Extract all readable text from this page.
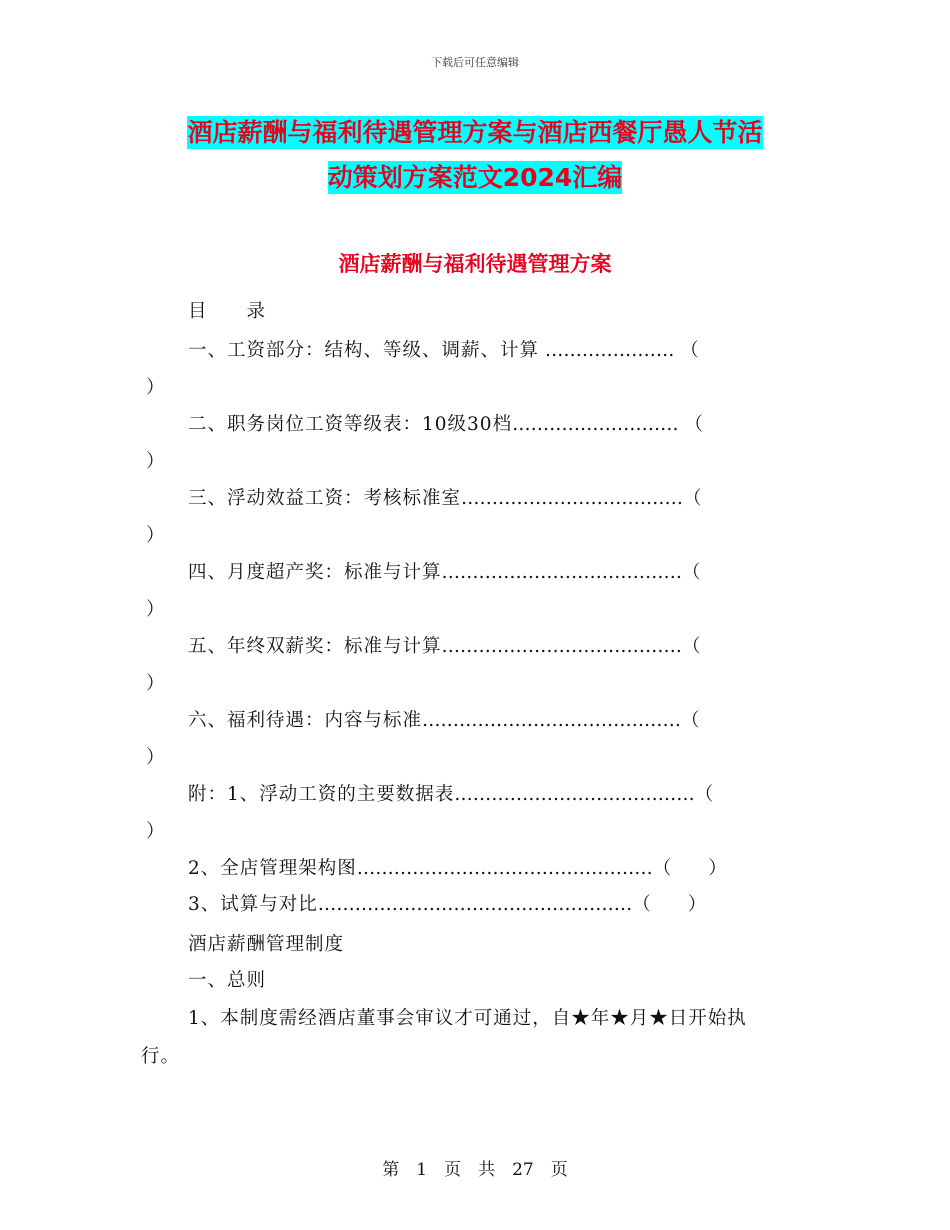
下载后可任意编辑
酒店薪酬与福利待遇管理方案与酒店西餐厅愚人节活
动策划方案范文2024汇编
酒店薪酬与福利待遇管理方案
目　　录
一、工资部分：结构、等级、调薪、计算 ………………… （
）
二、职务岗位工资等级表：10级30档……………………… （
）
三、浮动效益工资：考核标准室………………………………（
）
四、月度超产奖：标准与计算…………………………………（
）
五、年终双薪奖：标准与计算…………………………………（
）
六、福利待遇：内容与标准……………………………………（
）
附：1、浮动工资的主要数据表…………………………………（
）
2、全店管理架构图…………………………………………（　　）
3、试算与对比……………………………………………（　　）
酒店薪酬管理制度
一、总则
1、本制度需经酒店董事会审议才可通过，自★年★月★日开始执
行。
第　1　页　共　27　页
